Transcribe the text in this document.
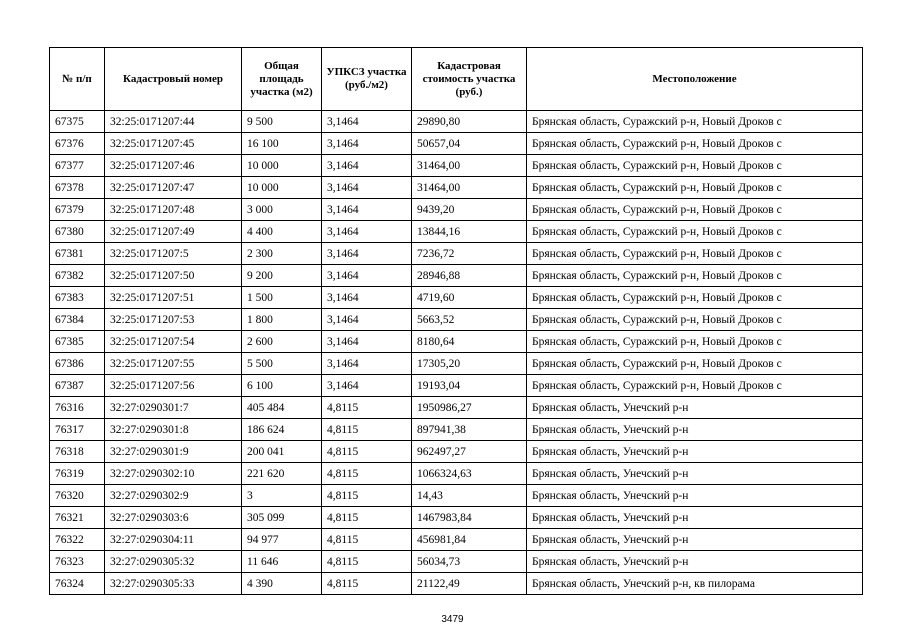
№ п/п	Кадастровый номер	Общая площадь участка (м2)	УПКСЗ участка (руб./м2)	Кадастровая стоимость участка (руб.)	Местоположение
67375	32:25:0171207:44	9 500	3,1464	29890,80	Брянская область, Суражский р-н, Новый Дроков с
67376	32:25:0171207:45	16 100	3,1464	50657,04	Брянская область, Суражский р-н, Новый Дроков с
67377	32:25:0171207:46	10 000	3,1464	31464,00	Брянская область, Суражский р-н, Новый Дроков с
67378	32:25:0171207:47	10 000	3,1464	31464,00	Брянская область, Суражский р-н, Новый Дроков с
67379	32:25:0171207:48	3 000	3,1464	9439,20	Брянская область, Суражский р-н, Новый Дроков с
67380	32:25:0171207:49	4 400	3,1464	13844,16	Брянская область, Суражский р-н, Новый Дроков с
67381	32:25:0171207:5	2 300	3,1464	7236,72	Брянская область, Суражский р-н, Новый Дроков с
67382	32:25:0171207:50	9 200	3,1464	28946,88	Брянская область, Суражский р-н, Новый Дроков с
67383	32:25:0171207:51	1 500	3,1464	4719,60	Брянская область, Суражский р-н, Новый Дроков с
67384	32:25:0171207:53	1 800	3,1464	5663,52	Брянская область, Суражский р-н, Новый Дроков с
67385	32:25:0171207:54	2 600	3,1464	8180,64	Брянская область, Суражский р-н, Новый Дроков с
67386	32:25:0171207:55	5 500	3,1464	17305,20	Брянская область, Суражский р-н, Новый Дроков с
67387	32:25:0171207:56	6 100	3,1464	19193,04	Брянская область, Суражский р-н, Новый Дроков с
76316	32:27:0290301:7	405 484	4,8115	1950986,27	Брянская область, Унечский р-н
76317	32:27:0290301:8	186 624	4,8115	897941,38	Брянская область, Унечский р-н
76318	32:27:0290301:9	200 041	4,8115	962497,27	Брянская область, Унечский р-н
76319	32:27:0290302:10	221 620	4,8115	1066324,63	Брянская область, Унечский р-н
76320	32:27:0290302:9	3	4,8115	14,43	Брянская область, Унечский р-н
76321	32:27:0290303:6	305 099	4,8115	1467983,84	Брянская область, Унечский р-н
76322	32:27:0290304:11	94 977	4,8115	456981,84	Брянская область, Унечский р-н
76323	32:27:0290305:32	11 646	4,8115	56034,73	Брянская область, Унечский р-н
76324	32:27:0290305:33	4 390	4,8115	21122,49	Брянская область, Унечский р-н, кв пилорама
3479
